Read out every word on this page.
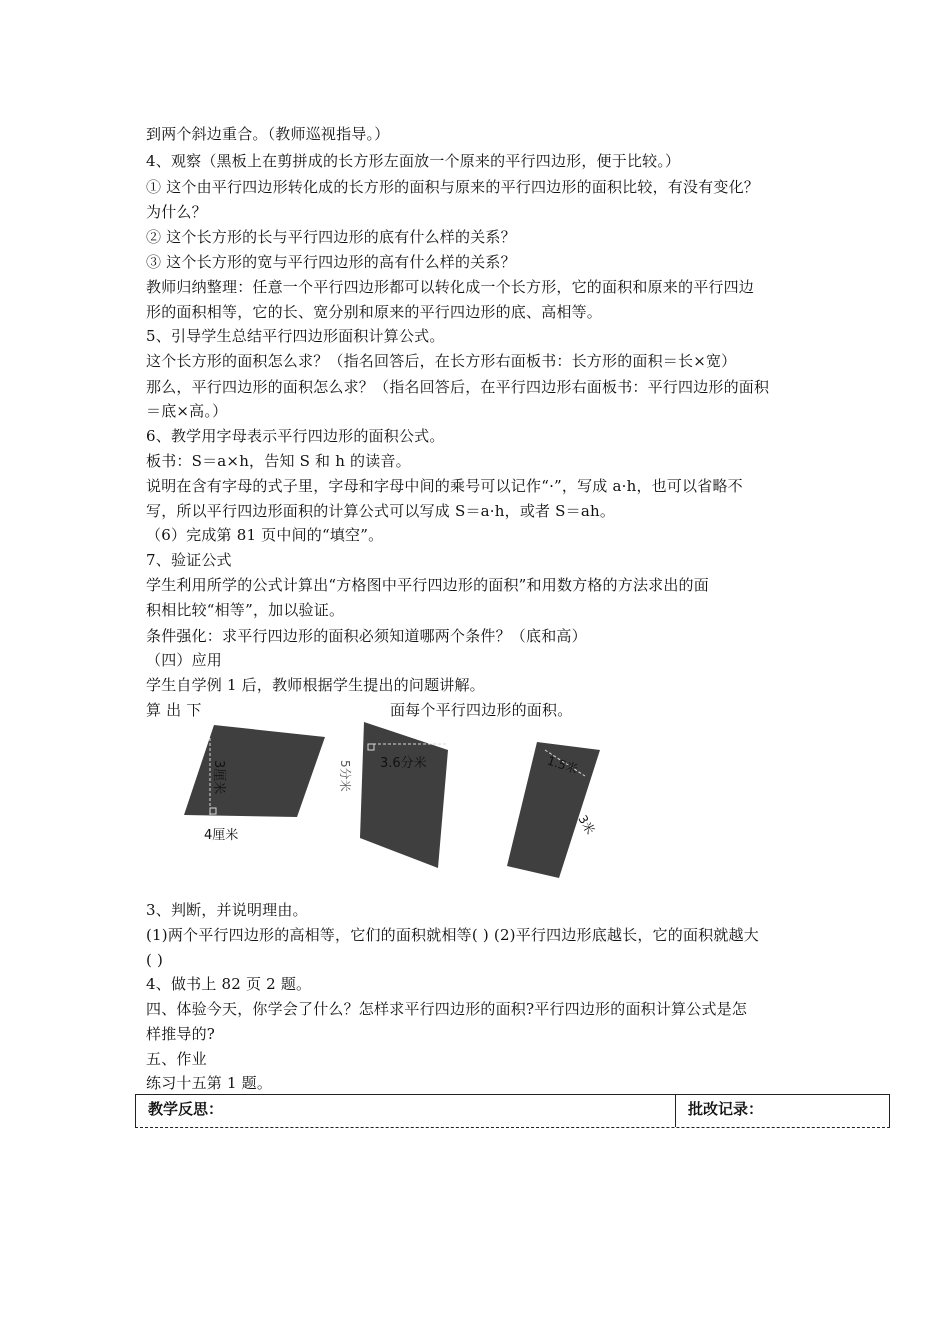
到两个斜边重合。（教师巡视指导。）
4、观察（黑板上在剪拼成的长方形左面放一个原来的平行四边形，便于比较。）
① 这个由平行四边形转化成的长方形的面积与原来的平行四边形的面积比较，有没有变化？
为什么？
② 这个长方形的长与平行四边形的底有什么样的关系？
③ 这个长方形的宽与平行四边形的高有什么样的关系？
教师归纳整理：任意一个平行四边形都可以转化成一个长方形，它的面积和原来的平行四边
形的面积相等，它的长、宽分别和原来的平行四边形的底、高相等。
5、引导学生总结平行四边形面积计算公式。
这个长方形的面积怎么求？（指名回答后，在长方形右面板书：长方形的面积＝长×宽）
那么，平行四边形的面积怎么求？（指名回答后，在平行四边形右面板书：平行四边形的面积
＝底×高。）
6、教学用字母表示平行四边形的面积公式。
板书：S＝a×h，告知 S 和 h 的读音。
说明在含有字母的式子里，字母和字母中间的乘号可以记作“·”，写成 a·h，也可以省略不
写，所以平行四边形面积的计算公式可以写成 S＝a·h，或者 S＝ah。
（6）完成第 81 页中间的“填空”。
7、验证公式
学生利用所学的公式计算出“方格图中平行四边形的面积”和用数方格的方法求出的面
积相比较“相等”，加以验证。
条件强化：求平行四边形的面积必须知道哪两个条件？（底和高）
（四）应用
学生自学例 1 后，教师根据学生提出的问题讲解。
算 出 下	面每个平行四边形的面积。
3厘米
4厘米
3.6分米
5分米	1.5米
3米
3、判断，并说明理由。
(1)两个平行四边形的高相等，它们的面积就相等( ) (2)平行四边形底越长，它的面积就越大
( )
4、做书上 82 页 2 题。
四、体验今天，你学会了什么？怎样求平行四边形的面积?平行四边形的面积计算公式是怎
样推导的?
五、作业
练习十五第 1 题。
教学反思：	批改记录：
